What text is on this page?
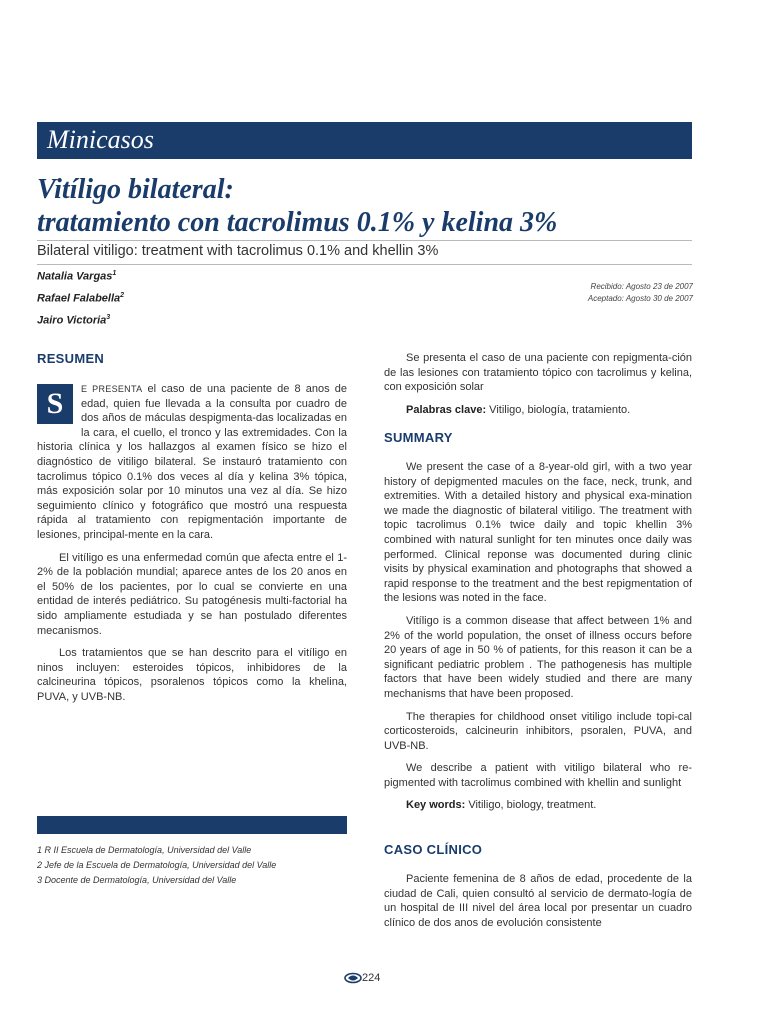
Minicasos
Vitíligo bilateral:
tratamiento con tacrolimus 0.1% y kelina 3%
Bilateral vitiligo: treatment with tacrolimus 0.1% and khellin 3%
Natalia Vargas$^1$
Rafael Falabella$^2$
Jairo Victoria$^3$
Recibido: Agosto 23 de 2007
Aceptado: Agosto 30 de 2007
RESUMEN

S	E PRESENTA el caso de una paciente de 8 anos de edad, quien fue llevada a la consulta por cuadro de dos años de máculas despigmenta-das localizadas en la cara, el cuello, el tronco y las extremidades. Con la historia clínica y los hallazgos al examen físico se hizo el diagnóstico de vitiligo bilateral. Se instauró tratamiento con tacrolimus tópico 0.1% dos veces al día y kelina 3% tópica, más exposición solar por 10 minutos una vez al día. Se hizo seguimiento clínico y fotográfico que mostró una respuesta rápida al tratamiento con repigmentación importante de lesiones, principal-mente en la cara.

El vitíligo es una enfermedad común que afecta entre el 1-2% de la población mundial; aparece antes de los 20 anos en el 50% de los pacientes, por lo cual se convierte en una entidad de interés pediátrico. Su patogénesis multi-factorial ha sido ampliamente estudiada y se han postulado diferentes mecanismos.

Los tratamientos que se han descrito para el vitíligo en ninos incluyen: esteroides tópicos, inhibidores de la calcineurina tópicos, psoralenos tópicos como la khelina, PUVA, y UVB-NB.

1 R II Escuela de Dermatología, Universidad del Valle
2 Jefe de la Escuela de Dermatología, Universidad del Valle
3 Docente de Dermatología, Universidad del Valle

Se presenta el caso de una paciente con repigmenta-ción de las lesiones con tratamiento tópico con tacrolimus y kelina, con exposición solar

Palabras clave: Vitiligo, biología, tratamiento.

SUMMARY

We present the case of a 8-year-old girl, with a two year history of depigmented macules on the face, neck, trunk, and extremities. With a detailed history and physical exa-mination we made the diagnostic of bilateral vitiligo. The treatment with topic tacrolimus 0.1% twice daily and topic khellin 3% combined with natural sunlight for ten minutes once daily was performed. Clinical reponse was documented during clinic visits by physical examination and photographs that showed a rapid response to the treatment and the best repigmentation of the lesions was noted in the face.

Vitíligo is a common disease that affect between 1% and 2% of the world population, the onset of illness occurs before 20 years of age in 50 % of patients, for this reason it can be a significant pediatric problem . The pathogenesis has multiple factors that have been widely studied and there are many mechanisms that have been proposed.

The therapies for childhood onset vitiligo include topi-cal corticosteroids, calcineurin inhibitors, psoralen, PUVA, and UVB-NB.

We describe a patient with vitiligo bilateral who re-pigmented with tacrolimus combined with khellin and sunlight

Key words: Vitiligo, biology, treatment.

CASO CLÍNICO

Paciente femenina de 8 años de edad, procedente de la ciudad de Cali, quien consultó al servicio de dermato-logía de un hospital de III nivel del área local por presentar un cuadro clínico de dos anos de evolución consistente

224
